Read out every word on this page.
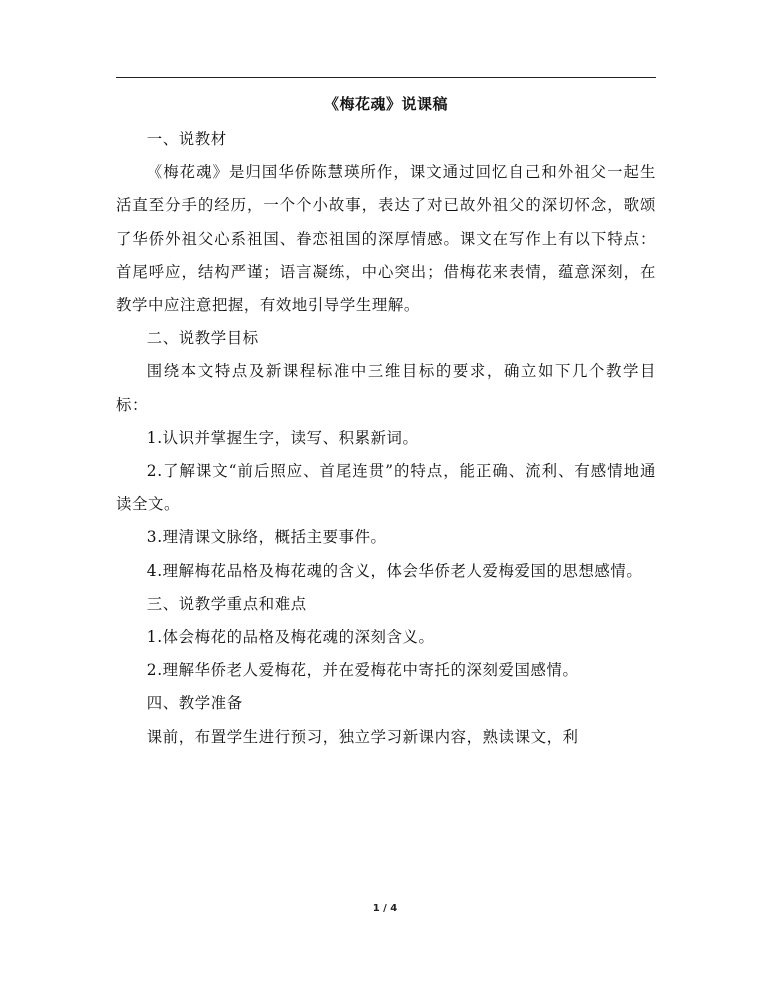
《梅花魂》说课稿

一、说教材

《梅花魂》是归国华侨陈慧瑛所作，课文通过回忆自己和外祖父一起生活直至分手的经历，一个个小故事，表达了对已故外祖父的深切怀念，歌颂了华侨外祖父心系祖国、眷恋祖国的深厚情感。课文在写作上有以下特点：首尾呼应，结构严谨；语言凝练，中心突出；借梅花来表情，蕴意深刻，在教学中应注意把握，有效地引导学生理解。

二、说教学目标

围绕本文特点及新课程标准中三维目标的要求，确立如下几个教学目标：

1.认识并掌握生字，读写、积累新词。

2.了解课文“前后照应、首尾连贯”的特点，能正确、流利、有感情地通读全文。

3.理清课文脉络，概括主要事件。

4.理解梅花品格及梅花魂的含义，体会华侨老人爱梅爱国的思想感情。

三、说教学重点和难点

1.体会梅花的品格及梅花魂的深刻含义。

2.理解华侨老人爱梅花，并在爱梅花中寄托的深刻爱国感情。

四、教学准备

课前，布置学生进行预习，独立学习新课内容，熟读课文，利

1 / 4
